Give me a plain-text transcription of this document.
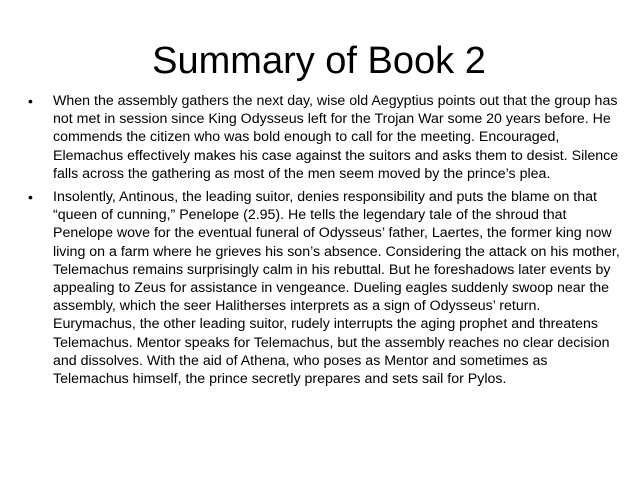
Summary of Book 2
• When the assembly gathers the next day, wise old Aegyptius points out that the group has not met in session since King Odysseus left for the Trojan War some 20 years before. He commends the citizen who was bold enough to call for the meeting. Encouraged, Elemachus effectively makes his case against the suitors and asks them to desist. Silence falls across the gathering as most of the men seem moved by the prince’s plea.
• Insolently, Antinous, the leading suitor, denies responsibility and puts the blame on that “queen of cunning,” Penelope (2.95). He tells the legendary tale of the shroud that Penelope wove for the eventual funeral of Odysseus’ father, Laertes, the former king now living on a farm where he grieves his son’s absence. Considering the attack on his mother, Telemachus remains surprisingly calm in his rebuttal. But he foreshadows later events by appealing to Zeus for assistance in vengeance. Dueling eagles suddenly swoop near the assembly, which the seer Halitherses interprets as a sign of Odysseus’ return. Eurymachus, the other leading suitor, rudely interrupts the aging prophet and threatens Telemachus. Mentor speaks for Telemachus, but the assembly reaches no clear decision and dissolves. With the aid of Athena, who poses as Mentor and sometimes as Telemachus himself, the prince secretly prepares and sets sail for Pylos.
